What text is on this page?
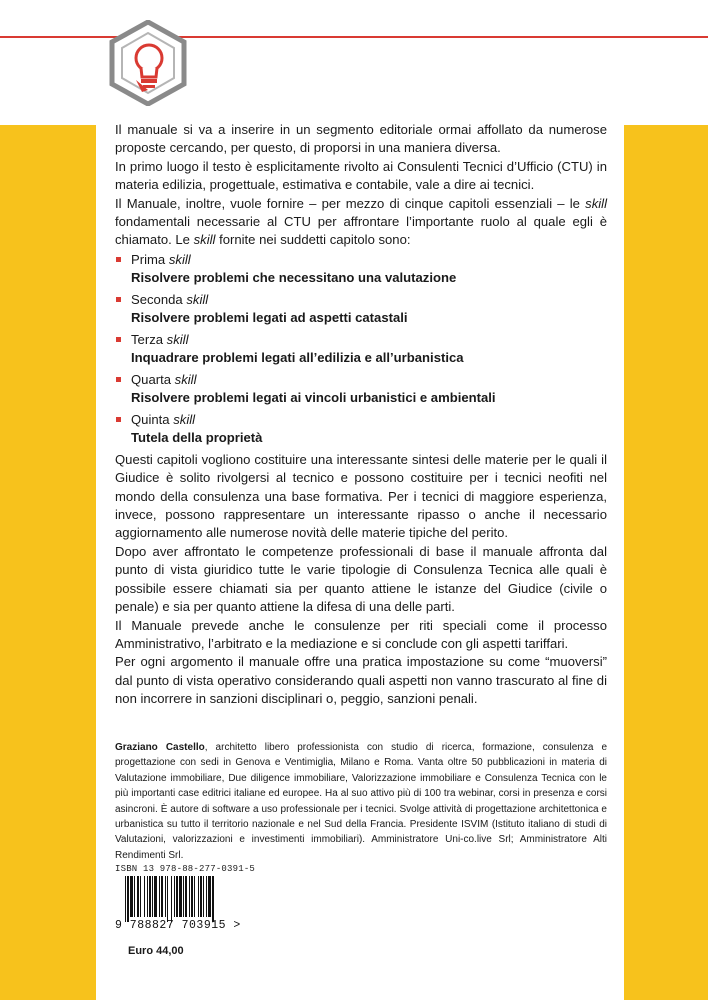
Il manuale si va a inserire in un segmento editoriale ormai affollato da numerose proposte cercando, per questo, di proporsi in una maniera diversa.

In primo luogo il testo è esplicitamente rivolto ai Consulenti Tecnici d’Ufficio (CTU) in materia edilizia, progettuale, estimativa e contabile, vale a dire ai tecnici.

Il Manuale, inoltre, vuole fornire – per mezzo di cinque capitoli essenziali – le skill fondamentali necessarie al CTU per affrontare l’importante ruolo al quale egli è chiamato. Le skill fornite nei suddetti capitolo sono:

Prima skill
Risolvere problemi che necessitano una valutazione
Seconda skill
Risolvere problemi legati ad aspetti catastali
Terza skill
Inquadrare problemi legati all’edilizia e all’urbanistica
Quarta skill
Risolvere problemi legati ai vincoli urbanistici e ambientali
Quinta skill
Tutela della proprietà

Questi capitoli vogliono costituire una interessante sintesi delle materie per le quali il Giudice è solito rivolgersi al tecnico e possono costituire per i tecnici neofiti nel mondo della consulenza una base formativa. Per i tecnici di maggiore esperienza, invece, possono rappresentare un interessante ripasso o anche il necessario aggiornamento alle numerose novità delle materie tipiche del perito.

Dopo aver affrontato le competenze professionali di base il manuale affronta dal punto di vista giuridico tutte le varie tipologie di Consulenza Tecnica alle quali è possibile essere chiamati sia per quanto attiene le istanze del Giudice (civile o penale) e sia per quanto attiene la difesa di una delle parti.

Il Manuale prevede anche le consulenze per riti speciali come il processo Amministrativo, l’arbitrato e la mediazione e si conclude con gli aspetti tariffari.

Per ogni argomento il manuale offre una pratica impostazione su come “muoversi” dal punto di vista operativo considerando quali aspetti non vanno trascurato al fine di non incorrere in sanzioni disciplinari o, peggio, sanzioni penali.

Graziano Castello, architetto libero professionista con studio di ricerca, formazione, consulenza e progettazione con sedi in Genova e Ventimiglia, Milano e Roma. Vanta oltre 50 pubblicazioni in materia di Valutazione immobiliare, Due diligence immobiliare, Valorizzazione immobiliare e Consulenza Tecnica con le più importanti case editrici italiane ed europee. Ha al suo attivo più di 100 tra webinar, corsi in presenza e corsi asincroni. È autore di software a uso professionale per i tecnici. Svolge attività di progettazione architettonica e urbanistica su tutto il territorio nazionale e nel Sud della Francia. Presidente ISVIM (Istituto italiano di studi di Valutazioni, valorizzazioni e investimenti immobiliari). Amministratore Uni-co.live Srl; Amministratore Alti Rendimenti Srl.
ISBN 13 978-88-277-0391-5
9 788827 703915 >
Euro 44,00
